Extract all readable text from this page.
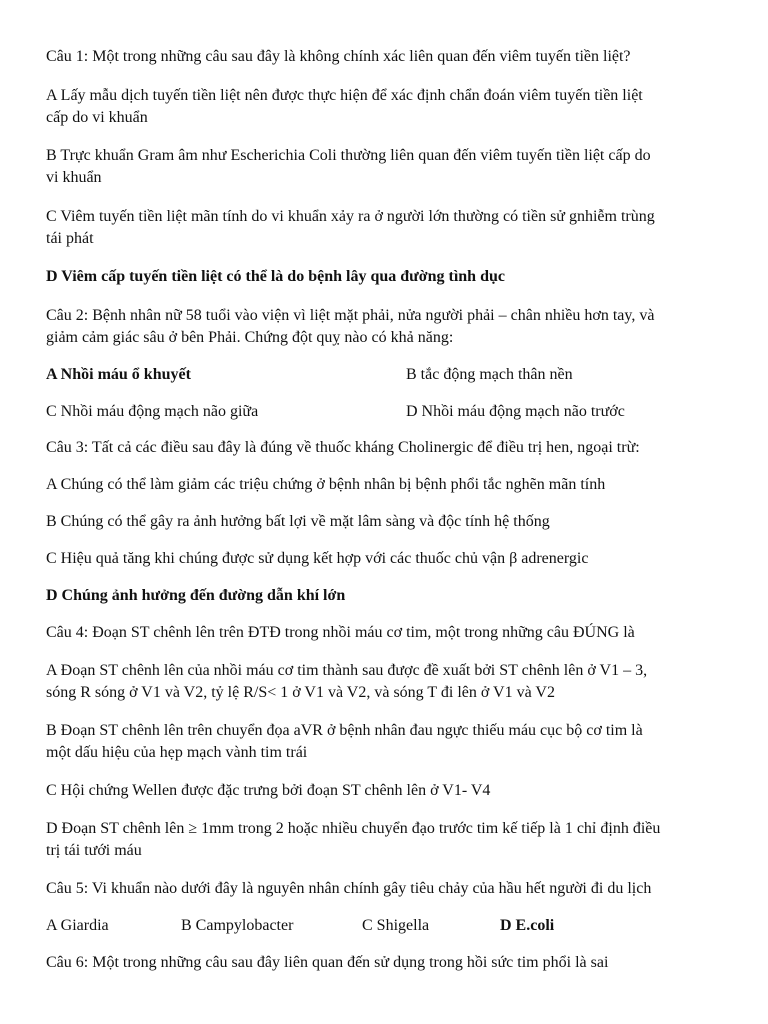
Câu 1: Một trong những câu sau đây là không chính xác liên quan đến viêm tuyến tiền liệt?
A Lấy mẫu dịch tuyến tiền liệt nên được thực hiện để xác định chẩn đoán viêm tuyến tiền liệt
cấp do vi khuẩn
B Trực khuẩn Gram âm như Escherichia Coli thường liên quan đến viêm tuyến tiền liệt cấp do
vi khuẩn
C Viêm tuyến tiền liệt mãn tính do vi khuẩn xảy ra ở người lớn thường có tiền sử gnhiễm trùng
tái phát
D Viêm cấp tuyến tiền liệt có thể là do bệnh lây qua đường tình dục
Câu 2: Bệnh nhân nữ 58 tuổi vào viện vì liệt mặt phải, nửa người phải – chân nhiều hơn tay, và
giảm cảm giác sâu ở bên Phải. Chứng đột quỵ nào có khả năng:
A Nhồi máu ổ khuyết	B tắc động mạch thân nền
C Nhồi máu động mạch não giữa	D Nhồi máu động mạch não trước
Câu 3: Tất cả các điều sau đây là đúng về thuốc kháng Cholinergic để điều trị hen, ngoại trừ:
A Chúng có thể làm giảm các triệu chứng ở bệnh nhân bị bệnh phổi tắc nghẽn mãn tính
B Chúng có thể gây ra ảnh hưởng bất lợi về mặt lâm sàng và độc tính hệ thống
C Hiệu quả tăng khi chúng được sử dụng kết hợp với các thuốc chủ vận β adrenergic
D Chúng ảnh hưởng đến đường dẫn khí lớn
Câu 4: Đoạn ST chênh lên trên ĐTĐ trong nhồi máu cơ tim, một trong những câu ĐÚNG là
A Đoạn ST chênh lên của nhồi máu cơ tim thành sau được đề xuất bởi ST chênh lên ở V1 – 3,
sóng R sóng ở V1 và V2, tỷ lệ R/S< 1 ở V1 và V2, và sóng T đi lên ở V1 và V2
B Đoạn ST chênh lên trên chuyển đọa aVR ở bệnh nhân đau ngực thiếu máu cục bộ cơ tim là
một dấu hiệu của hẹp mạch vành tim trái
C Hội chứng Wellen được đặc trưng bởi đoạn ST chênh lên ở V1- V4
D Đoạn ST chênh lên ≥ 1mm trong 2 hoặc nhiều chuyển đạo trước tim kế tiếp là 1 chỉ định điều
trị tái tưới máu
Câu 5: Vi khuẩn nào dưới đây là nguyên nhân chính gây tiêu chảy của hầu hết người đi du lịch
A Giardia	B Campylobacter	C Shigella	D E.coli
Câu 6: Một trong những câu sau đây liên quan đến sử dụng trong hồi sức tim phổi là sai
